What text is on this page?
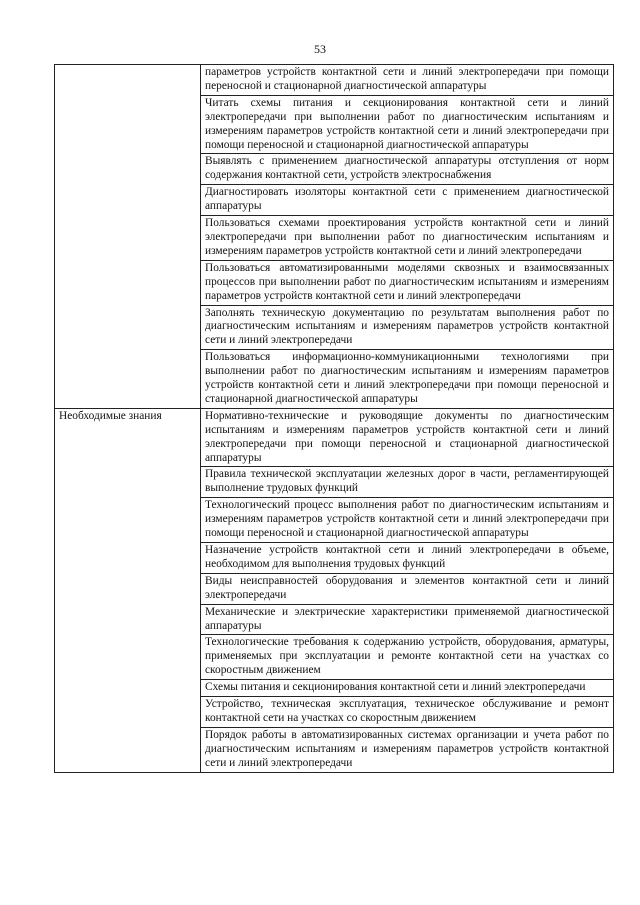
53

	параметров устройств контактной сети и линий электропередачи при помощи переносной и стационарной диагностической аппаратуры

	Читать схемы питания и секционирования контактной сети и линий электропередачи при выполнении работ по диагностическим испытаниям и измерениям параметров устройств контактной сети и линий электропередачи при помощи переносной и стационарной диагностической аппаратуры

	Выявлять с применением диагностической аппаратуры отступления от норм содержания контактной сети, устройств электроснабжения

	Диагностировать изоляторы контактной сети с применением диагностической аппаратуры

	Пользоваться схемами проектирования устройств контактной сети и линий электропередачи при выполнении работ по диагностическим испытаниям и измерениям параметров устройств контактной сети и линий электропередачи

	Пользоваться автоматизированными моделями сквозных и взаимосвязанных процессов при выполнении работ по диагностическим испытаниям и измерениям параметров устройств контактной сети и линий электропередачи

	Заполнять техническую документацию по результатам выполнения работ по диагностическим испытаниям и измерениям параметров устройств контактной сети и линий электропередачи

	Пользоваться информационно-коммуникационными технологиями при выполнении работ по диагностическим испытаниям и измерениям параметров устройств контактной сети и линий электропередачи при помощи переносной и стационарной диагностической аппаратуры

Необходимые знания	Нормативно-технические и руководящие документы по диагностическим испытаниям и измерениям параметров устройств контактной сети и линий электропередачи при помощи переносной и стационарной диагностической аппаратуры

	Правила технической эксплуатации железных дорог в части, регламентирующей выполнение трудовых функций

	Технологический процесс выполнения работ по диагностическим испытаниям и измерениям параметров устройств контактной сети и линий электропередачи при помощи переносной и стационарной диагностической аппаратуры

	Назначение устройств контактной сети и линий электропередачи в объеме, необходимом для выполнения трудовых функций

	Виды неисправностей оборудования и элементов контактной сети и линий электропередачи

	Механические и электрические характеристики применяемой диагностической аппаратуры

	Технологические требования к содержанию устройств, оборудования, арматуры, применяемых при эксплуатации и ремонте контактной сети на участках со скоростным движением

	Схемы питания и секционирования контактной сети и линий электропередачи

	Устройство, техническая эксплуатация, техническое обслуживание и ремонт контактной сети на участках со скоростным движением

	Порядок работы в автоматизированных системах организации и учета работ по диагностическим испытаниям и измерениям параметров устройств контактной сети и линий электропередачи
